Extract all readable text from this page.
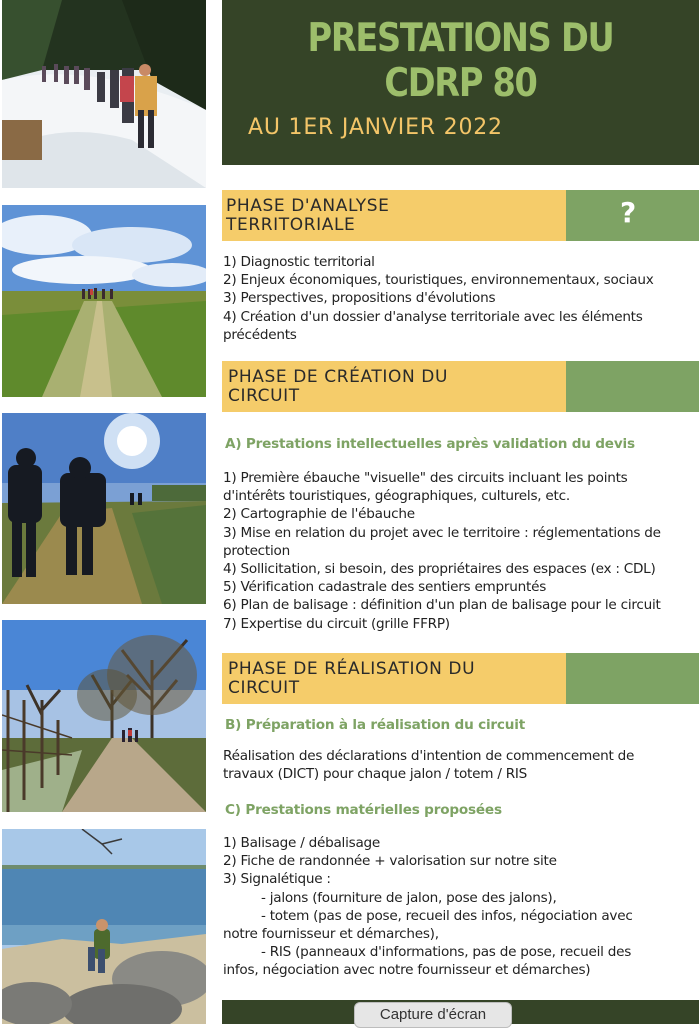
PRESTATIONS DU CDRP 80
AU 1ER JANVIER 2022
PHASE D'ANALYSE
TERRITORIALE	?
1) Diagnostic territorial
2) Enjeux économiques, touristiques, environnementaux, sociaux
3) Perspectives, propositions d'évolutions
4) Création d'un dossier d'analyse territoriale avec les éléments
précédents
PHASE DE CRÉATION DU
CIRCUIT
A) Prestations intellectuelles après validation du devis
1) Première ébauche "visuelle" des circuits incluant les points
d'intérêts touristiques, géographiques, culturels, etc.
2) Cartographie de l'ébauche
3) Mise en relation du projet avec le territoire : réglementations de
protection
4) Sollicitation, si besoin, des propriétaires des espaces (ex : CDL)
5) Vérification cadastrale des sentiers empruntés
6) Plan de balisage : définition d'un plan de balisage pour le circuit
7) Expertise du circuit (grille FFRP)
PHASE DE RÉALISATION DU
CIRCUIT
B) Préparation à la réalisation du circuit
Réalisation des déclarations d'intention de commencement de
travaux (DICT) pour chaque jalon / totem / RIS
C) Prestations matérielles proposées
1) Balisage / débalisage
2) Fiche de randonnée + valorisation sur notre site
3) Signalétique :
- jalons (fourniture de jalon, pose des jalons),
- totem (pas de pose, recueil des infos, négociation avec
notre fournisseur et démarches),
- RIS (panneaux d'informations, pas de pose, recueil des
infos, négociation avec notre fournisseur et démarches)
Capture d'écran
